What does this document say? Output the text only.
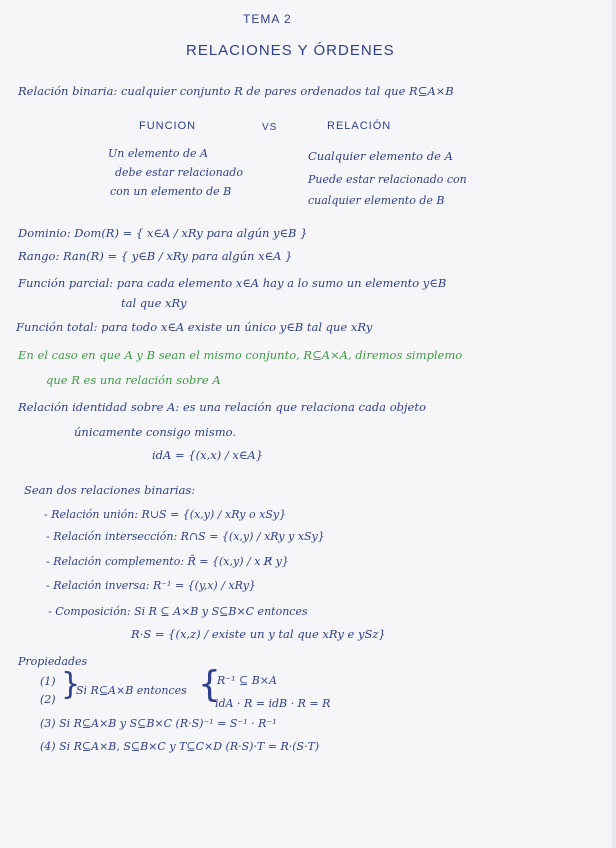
TEMA 2
RELACIONES Y ÓRDENES
Relación binaria: cualquier conjunto R de pares ordenados tal que R⊆A×B
FUNCION	VS	RELACIÓN
Un elemento de A
debe estar relacionado
con un elemento de B
Cualquier elemento de A
Puede estar relacionado con
cualquier elemento de B
Dominio: Dom(R) = { x∈A / xRy para algún y∈B }
Rango: Ran(R) = { y∈B / xRy para algún x∈A }
Función parcial: para cada elemento x∈A hay a lo sumo un elemento y∈B
tal que xRy
Función total: para todo x∈A existe un único y∈B tal que xRy
En el caso en que A y B sean el mismo conjunto, R⊆A×A, diremos simplemo
que R es una relación sobre A
Relación identidad sobre A: es una relación que relaciona cada objeto
únicamente consigo mismo.
idA = {(x,x) / x∈A}
Sean dos relaciones binarias:
- Relación unión: R∪S = {(x,y) / xRy o xSy}
- Relación intersección: R∩S = {(x,y) / xRy y xSy}
- Relación complemento: R̄ = {(x,y) / x R̸ y}
- Relación inversa: R⁻¹ = {(y,x) / xRy}
- Composición: Si R ⊆ A×B y S⊆B×C entonces
R·S = {(x,z) / existe un y tal que xRy e ySz}
Propiedades
(1)
(2) }
Si R⊆A×B entonces {
R⁻¹ ⊆ B×A
idA · R = idB · R = R
(3) Si R⊆A×B y S⊆B×C (R·S)⁻¹ = S⁻¹ · R⁻¹
(4) Si R⊆A×B, S⊆B×C y T⊆C×D (R·S)·T = R·(S·T)
